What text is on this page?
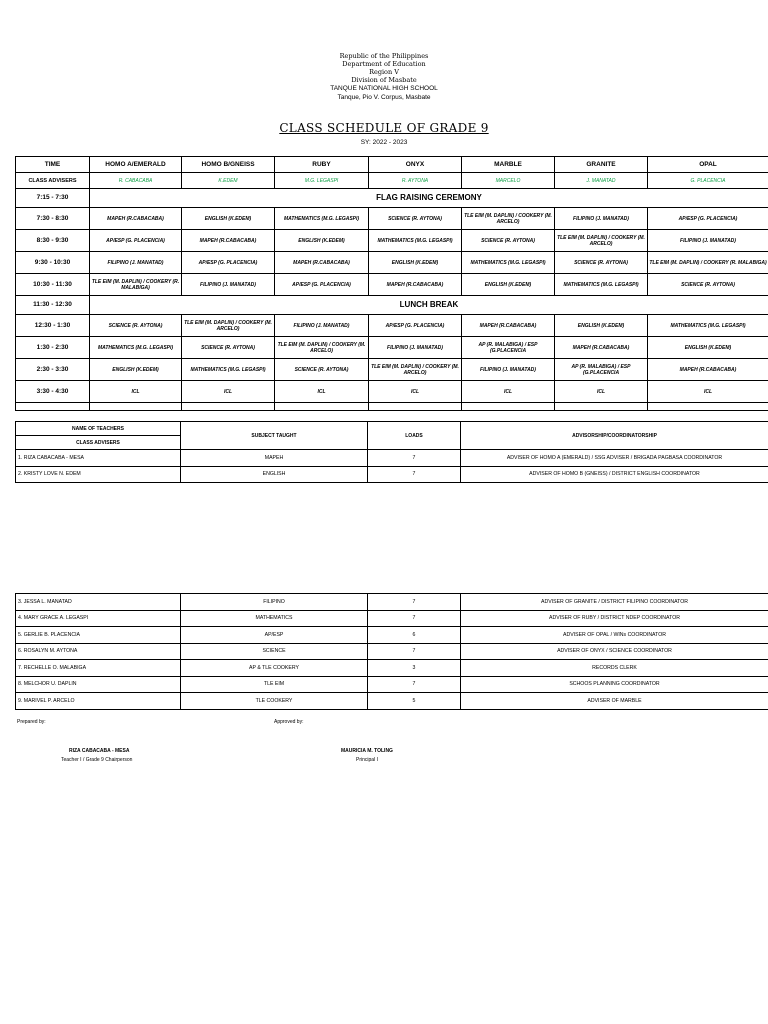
Republic of the Philippines
Department of Education
Region V
Division of Masbate
TANQUE NATIONAL HIGH SCHOOL
Tanque, Pio V. Corpus, Masbate
CLASS SCHEDULE OF GRADE 9
SY: 2022 - 2023
TIME	HOMO A/EMERALD	HOMO B/GNEISS	RUBY	ONYX	MARBLE	GRANITE	OPAL
CLASS ADVISERS	R. CABACABA	K.EDEM	M.G. LEGASPI	R. AYTONA	MARCELO	J. MANATAD	G. PLACENCIA
7:15 - 7:30	FLAG RAISING CEREMONY						
7:30 - 8:30	MAPEH (R.CABACABA)	ENGLISH (K.EDEM)	MATHEMATICS (M.G. LEGASPI)	SCIENCE (R. AYTONA)	TLE EIM (M. DAPLIN) / COOKERY (M. ARCELO)	FILIPINO (J. MANATAD)	AP/ESP (G. PLACENCIA)
8:30 - 9:30	AP/ESP (G. PLACENCIA)	MAPEH (R.CABACABA)	ENGLISH (K.EDEM)	MATHEMATICS (M.G. LEGASPI)	SCIENCE (R. AYTONA)	TLE EIM (M. DAPLIN) / COOKERY (M. ARCELO)	FILIPINO (J. MANATAD)
9:30 - 10:30	FILIPINO (J. MANATAD)	AP/ESP (G. PLACENCIA)	MAPEH (R.CABACABA)	ENGLISH (K.EDEM)	MATHEMATICS (M.G. LEGASPI)	SCIENCE (R. AYTONA)	TLE EIM (M. DAPLIN) / COOKERY (R. MALABIGA)
10:30 - 11:30	TLE EIM (M. DAPLIN) / COOKERY (R. MALABIGA)	FILIPINO (J. MANATAD)	AP/ESP (G. PLACENCIA)	MAPEH (R.CABACABA)	ENGLISH (K.EDEM)	MATHEMATICS (M.G. LEGASPI)	SCIENCE (R. AYTONA)
11:30 - 12:30	LUNCH BREAK						
12:30 - 1:30	SCIENCE (R. AYTONA)	TLE EIM (M. DAPLIN) / COOKERY (M. ARCELO)	FILIPINO (J. MANATAD)	AP/ESP (G. PLACENCIA)	MAPEH (R.CABACABA)	ENGLISH (K.EDEM)	MATHEMATICS (M.G. LEGASPI)
1:30 - 2:30	MATHEMATICS (M.G. LEGASPI)	SCIENCE (R. AYTONA)	TLE EIM (M. DAPLIN) / COOKERY (M. ARCELO)	FILIPINO (J. MANATAD)	AP (R. MALABIGA) / ESP (G.PLACENCIA	MAPEH (R.CABACABA)	ENGLISH (K.EDEM)
2:30 - 3:30	ENGLISH (K.EDEM)	MATHEMATICS (M.G. LEGASPI)	SCIENCE (R. AYTONA)	TLE EIM (M. DAPLIN) / COOKERY (M. ARCELO)	FILIPINO (J. MANATAD)	AP (R. MALABIGA) / ESP (G.PLACENCIA	MAPEH (R.CABACABA)
3:30 - 4:30	ICL	ICL	ICL	ICL	ICL	ICL	ICL

NAME OF TEACHERS	SUBJECT TAUGHT	LOADS	ADVISORSHIP/COORDINATORSHIP
CLASS ADVISERS			
1. RIZA CABACABA - MESA	MAPEH	7	ADVISER OF HOMO A (EMERALD) / SSG ADVISER / BRIGADA PAGBASA COORDINATOR
2. KRISTY LOVE N. EDEM	ENGLISH	7	ADVISER OF HOMO B (GNEISS) / DISTRICT ENGLISH COORDINATOR
3. JESSA L. MANATAD	FILIPINO	7	ADVISER OF GRANITE / DISTRICT FILIPINO COORDINATOR
4. MARY GRACE A. LEGASPI	MATHEMATICS	7	ADVISER OF RUBY / DISTRICT NDEP COORDINATOR
5. GERLIE B. PLACENCIA	AP/ESP	6	ADVISER OF OPAL / WINs COORDINATOR
6. ROSALYN M. AYTONA	SCIENCE	7	ADVISER OF ONYX / SCIENCE COORDINATOR
7. RECHELLE O. MALABIGA	AP & TLE COOKERY	3	RECORDS CLERK
8. MELCHOR U. DAPLIN	TLE EIM	7	SCHOOS PLANNING COORDINATOR
9. MARIVEL P. ARCELO	TLE COOKERY	5	ADVISER OF MARBLE
Prepared by:	Approved by:
RIZA CABACABA - MESA
Teacher I / Grade 9 Chairperson
MAURICIA M. TOLING
Principal I
